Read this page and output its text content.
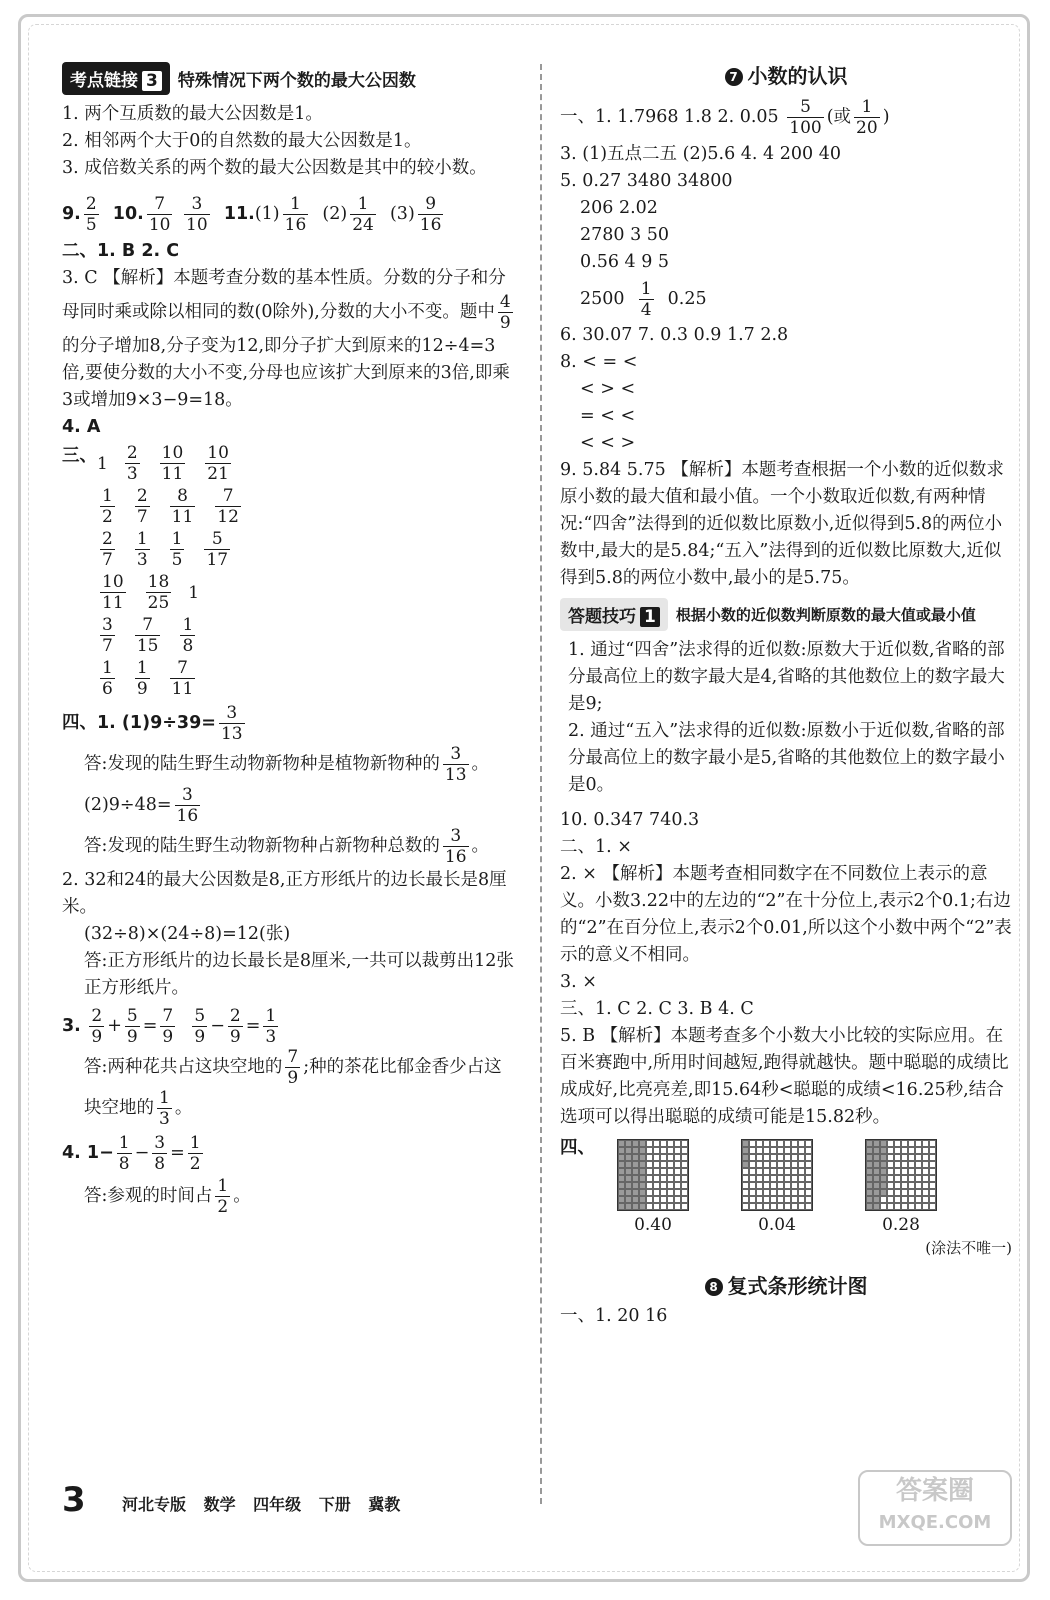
考点链接 3	特殊情况下两个数的最大公因数
1. 两个互质数的最大公因数是1。
2. 相邻两个大于0的自然数的最大公因数是1。
3. 成倍数关系的两个数的最大公因数是其中的较小数。
9. $\frac{2}{5} 10$. $\frac{7}{10}$
$\frac{3}{10} 11.(1) \frac{1}{16} (2) \frac{1}{24} (3) \frac{9}{16}$
二、1. B 2. C
3. C 【解析】本题考查分数的基本性质。分数的分子和分母同时乘或除以相同的数(0除外),分数的大小不变。题中 $\frac{4}{9}$
的分子增加8,分子变为12,即分子扩大到原来的12÷4=3倍,要使分数的大小不变,分母也应该扩大到原来的3倍,即乘3或增加9×3−9=18。
4. A
三、 $1 \frac{2}{3} \frac{10}{11} \frac{10}{21}$
$\frac{1}{2} \frac{2}{7} \frac{8}{11} \frac{7}{12}$
$\frac{2}{7} \frac{1}{3} \frac{1}{5} \frac{5}{17}$
$\frac{10}{11} \frac{18}{25} 1$
$\frac{3}{7} \frac{7}{15} \frac{1}{8}$
$\frac{1}{6} \frac{1}{9} \frac{7}{11}$
四、1. $(1)9\div 39= \frac{3}{13}$
答:发现的陆生野生动物新物种是植物新物种的 $\frac{3}{13}$ 。
$(2)9\div 48= \frac{3}{16}$
答:发现的陆生野生动物新物种占新物种总数的 $\frac{3}{16}$ 。
2. 32和24的最大公因数是8,正方形纸片的边长最长是8厘米。
(32÷8)×(24÷8)=12(张)
答:正方形纸片的边长最长是8厘米,一共可以裁剪出12张正方形纸片。
3. $\frac{2}{9} + \frac{5}{9} = \frac{7}{9}$
$\frac{5}{9} - \frac{2}{9} = \frac{1}{3}$
答:两种花共占这块空地的 $\frac{7}{9}$ ;种的茶花比郁金香少占这块空地的 $\frac{1}{3}$ 。
4. $1- \frac{1}{8} - \frac{3}{8} = \frac{1}{2}$
答:参观的时间占 $\frac{1}{2}$ 。
7 小数的认识
一、1. 1.7968 1.8 2. $0.05 \frac{5}{100}$ (或 $\frac{1}{20}$ )
3. (1)五点二五 (2)5.6 4. 4 200 40
5. 0.27 3480 34800
206 2.02
2780 3 50
0.56 4 9 5
$2500 \frac{1}{4} 0.25$
6. 30.07 7. 0.3 0.9 1.7 2.8
8. < = <
< > <
= < <
< < >
9. 5.84 5.75 【解析】本题考查根据一个小数的近似数求原小数的最大值和最小值。一个小数取近似数,有两种情况:“四舍”法得到的近似数比原数小,近似得到5.8的两位小数中,最大的是5.84;“五入”法得到的近似数比原数大,近似得到5.8的两位小数中,最小的是5.75。
答题技巧 1	根据小数的近似数判断原数的最大值或最小值
1. 通过“四舍”法求得的近似数:原数大于近似数,省略的部分最高位上的数字最大是4,省略的其他数位上的数字最大是9;
2. 通过“五入”法求得的近似数:原数小于近似数,省略的部分最高位上的数字最小是5,省略的其他数位上的数字最小是0。
10. 0.347 740.3
二、1. ×
2. × 【解析】本题考查相同数字在不同数位上表示的意义。小数3.22中的左边的“2”在十分位上,表示2个0.1;右边的“2”在百分位上,表示2个0.01,所以这个小数中两个“2”表示的意义不相同。
3. ×
三、1. C 2. C 3. B 4. C
5. B 【解析】本题考查多个小数大小比较的实际应用。在百米赛跑中,所用时间越短,跑得就越快。题中聪聪的成绩比成成好,比亮亮差,即15.64秒<聪聪的成绩<16.25秒,结合选项可以得出聪聪的成绩可能是15.82秒。
四、
0.40	0.04	0.28
(涂法不唯一)
8 复式条形统计图
一、1. 20 16
3 河北专版 数学 四年级 下册 冀教	答案圈
MXQE.COM
